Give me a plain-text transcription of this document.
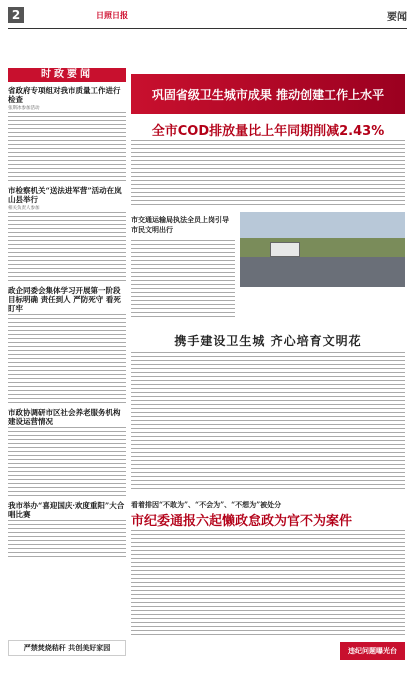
2	日照日报	要闻
时政要闻
省政府专项组对我市质量工作进行检查
张斯冰参加活动
市检察机关“送法进军营”活动在岚山县举行
相关负责人参加
政企同委会集体学习开展第一阶段目标明确 责任到人 严防死守 看死盯牢
市政协调研市区社会养老服务机构建设运营情况
我市举办“喜迎国庆·欢度重阳”大合唱比赛
巩固省级卫生城市成果 推动创建工作上水平
全市COD排放量比上年同期削减2.43%
市交通运输局执法全员上岗引导市民文明出行
携手建设卫生城 齐心培育文明花
看着排因“不敢为”、“不会为”、“不想为”被处分
市纪委通报六起懒政怠政为官不为案件
严禁焚烧秸秆 共创美好家园	违纪问题曝光台
